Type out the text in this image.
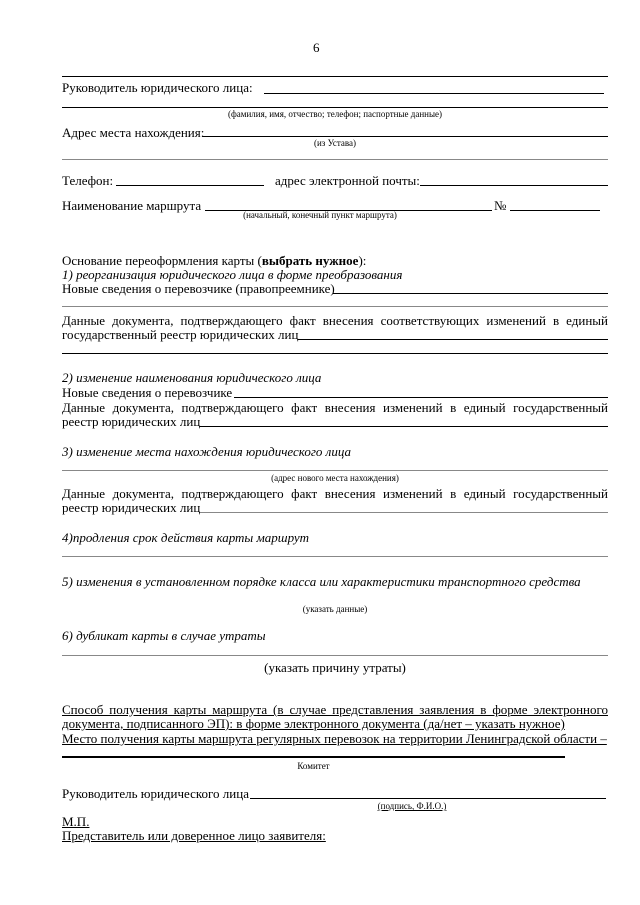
6
Руководитель юридического лица:
(фамилия, имя, отчество; телефон; паспортные данные)
Адрес места нахождения:
(из Устава)
Телефон:	адрес электронной почты:
Наименование маршрута	№
(начальный, конечный пункт маршрута)
Основание переоформления карты (выбрать нужное):
1) реорганизация юридического лица в форме преобразования
Новые сведения о перевозчике (правопреемнике)
Данные документа, подтверждающего факт внесения соответствующих изменений в единый
государственный реестр юридических лиц
2) изменение наименования юридического лица
Новые сведения о перевозчике
Данные документа, подтверждающего факт внесения изменений в единый государственный
реестр юридических лиц
3) изменение места нахождения юридического лица
(адрес нового места нахождения)
Данные документа, подтверждающего факт внесения изменений в единый государственный
реестр юридических лиц
4)продления срок действия карты маршрут
5) изменения в установленном порядке класса или характеристики транспортного средства
(указать данные)
6) дубликат карты в случае утраты
(указать причину утраты)
Способ получения карты маршрута (в случае представления заявления в форме электронного
документа, подписанного ЭП): в форме электронного документа (да/нет – указать нужное)
Место получения карты маршрута регулярных перевозок на территории Ленинградской области –
Комитет
Руководитель юридического лица
(подпись, Ф.И.О.)
М.П.
Представитель или доверенное лицо заявителя:
